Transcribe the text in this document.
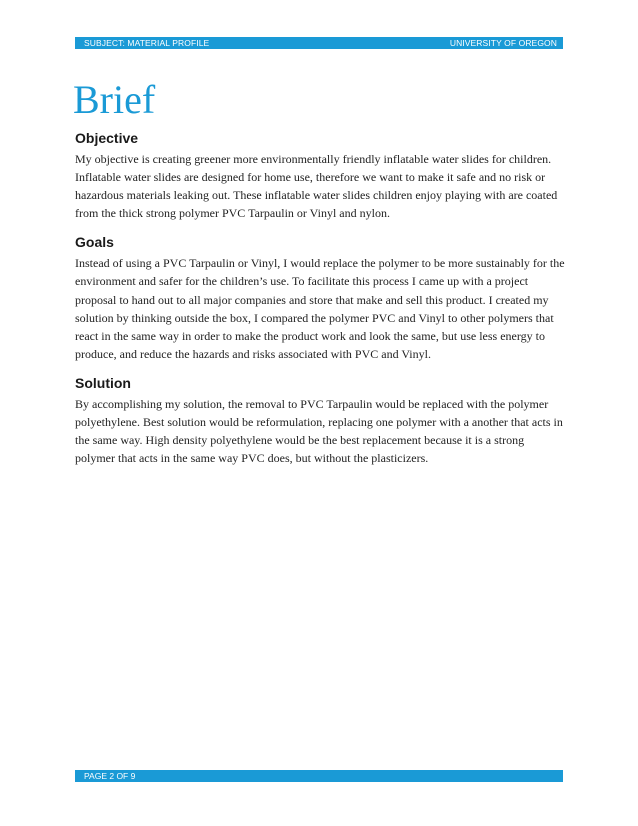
SUBJECT: MATERIAL PROFILE	UNIVERSITY OF OREGON
Brief
Objective

My objective is creating greener more environmentally friendly inflatable water slides for children. Inflatable water slides are designed for home use, therefore we want to make it safe and no risk or hazardous materials leaking out. These inflatable water slides children enjoy playing with are coated from the thick strong polymer PVC Tarpaulin or Vinyl and nylon.

Goals

Instead of using a PVC Tarpaulin or Vinyl, I would replace the polymer to be more sustainably for the environment and safer for the children’s use. To facilitate this process I came up with a project proposal to hand out to all major companies and store that make and sell this product. I created my solution by thinking outside the box, I compared the polymer PVC and Vinyl to other polymers that react in the same way in order to make the product work and look the same, but use less energy to produce, and reduce the hazards and risks associated with PVC and Vinyl.

Solution

By accomplishing my solution, the removal to PVC Tarpaulin would be replaced with the polymer polyethylene. Best solution would be reformulation, replacing one polymer with a another that acts in the same way. High density polyethylene would be the best replacement because it is a strong polymer that acts in the same way PVC does, but without the plasticizers.

PAGE 2 OF 9
